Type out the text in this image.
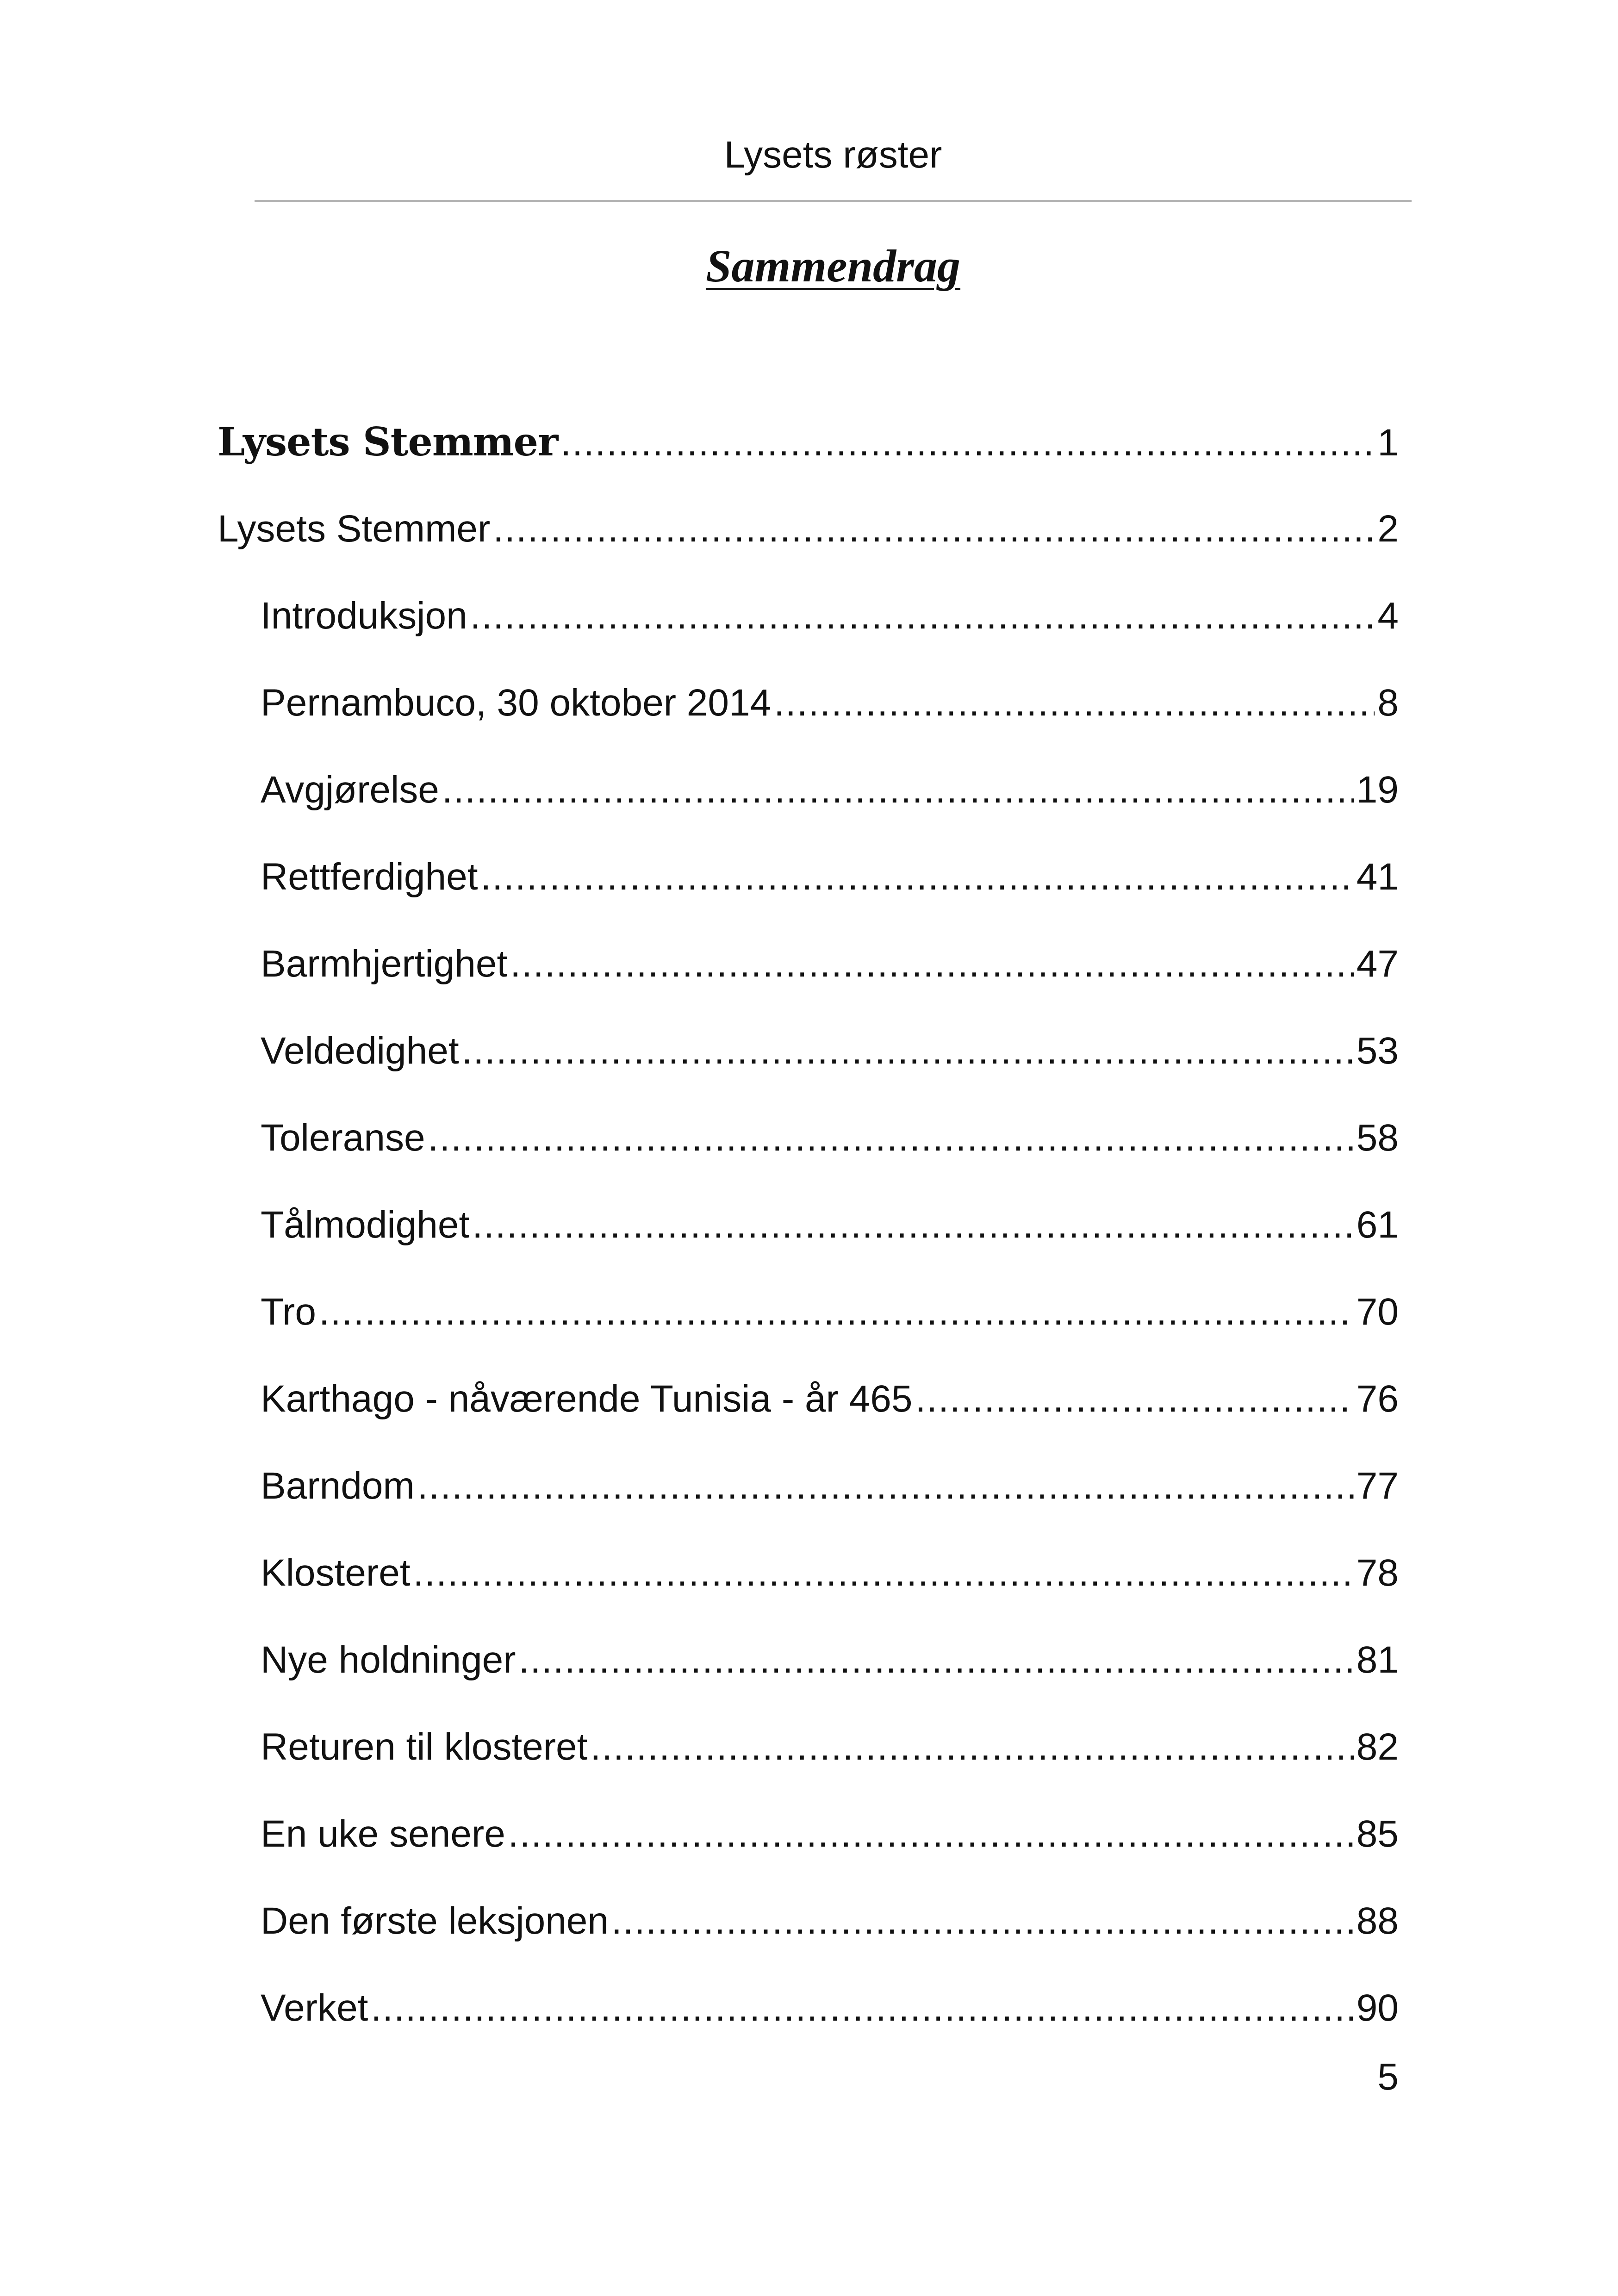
Lysets røster
Sammendrag
Lysets Stemmer .....	1
Lysets Stemmer .....	2
Introduksjon .....	4
Pernambuco, 30 oktober 2014 .....	8
Avgjørelse .....	19
Rettferdighet .....	41
Barmhjertighet .....	47
Veldedighet .....	53
Toleranse .....	58
Tålmodighet .....	61
Tro .....	70
Karthago - nåværende Tunisia - år 465 .....	76
Barndom .....	77
Klosteret .....	78
Nye holdninger .....	81
Returen til klosteret .....	82
En uke senere .....	85
Den første leksjonen .....	88
Verket .....	90
5
